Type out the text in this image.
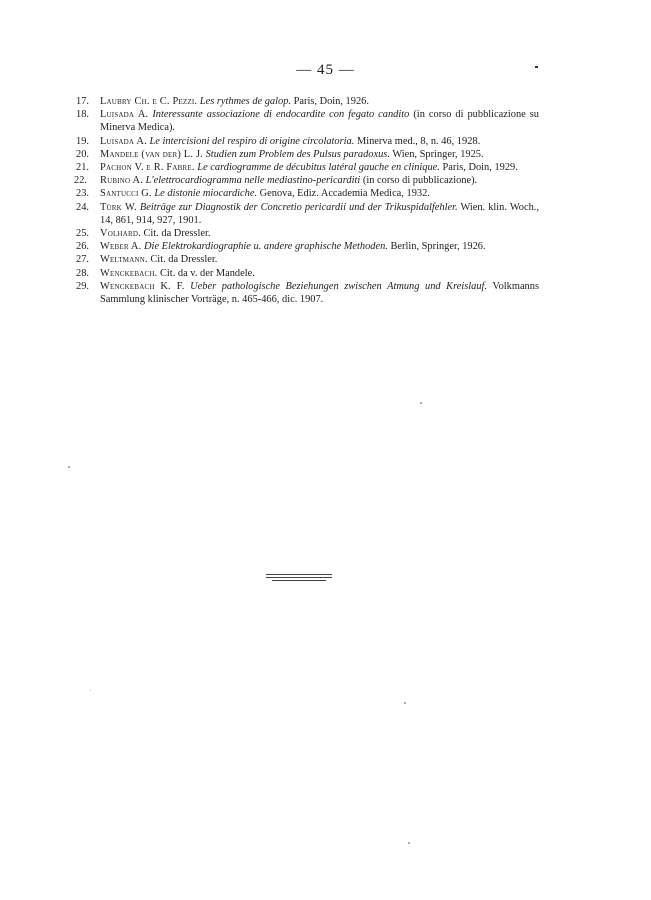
— 45 —
17. Laubry Ch. e C. Pezzi. Les rythmes de galop. Paris, Doin, 1926.
18. Luisada A. Interessante associazione di endocardite con fegato candito (in corso di pubblicazione su Minerva Medica).
19. Luisada A. Le intercisioni del respiro di origine circolatoria. Minerva med., 8, n. 46, 1928.
20. Mandele (van der) L. J. Studien zum Problem des Pulsus paradoxus. Wien, Springer, 1925.
21. Pachon V. e R. Fabre. Le cardiogramme de décubitus latéral gauche en clinique. Paris, Doin, 1929.
22. Rubino A. L'elettrocardiogramma nelle mediastino-pericarditi (in corso di pubblicazione).
23. Santucci G. Le distonie miocardiche. Genova, Ediz. Accademia Medica, 1932.
24. Türk W. Beiträge zur Diagnostik der Concretio pericardii und der Trikuspidalfehler. Wien. klin. Woch., 14, 861, 914, 927, 1901.
25. Volhard. Cit. da Dressler.
26. Weber A. Die Elektrokardiographie u. andere graphische Methoden. Berlin, Springer, 1926.
27. Weltmann. Cit. da Dressler.
28. Wenckebach. Cit. da v. der Mandele.
29. Wenckebach K. F. Ueber pathologische Beziehungen zwischen Atmung und Kreislauf. Volkmanns Sammlung klinischer Vorträge, n. 465-466, dic. 1907.
